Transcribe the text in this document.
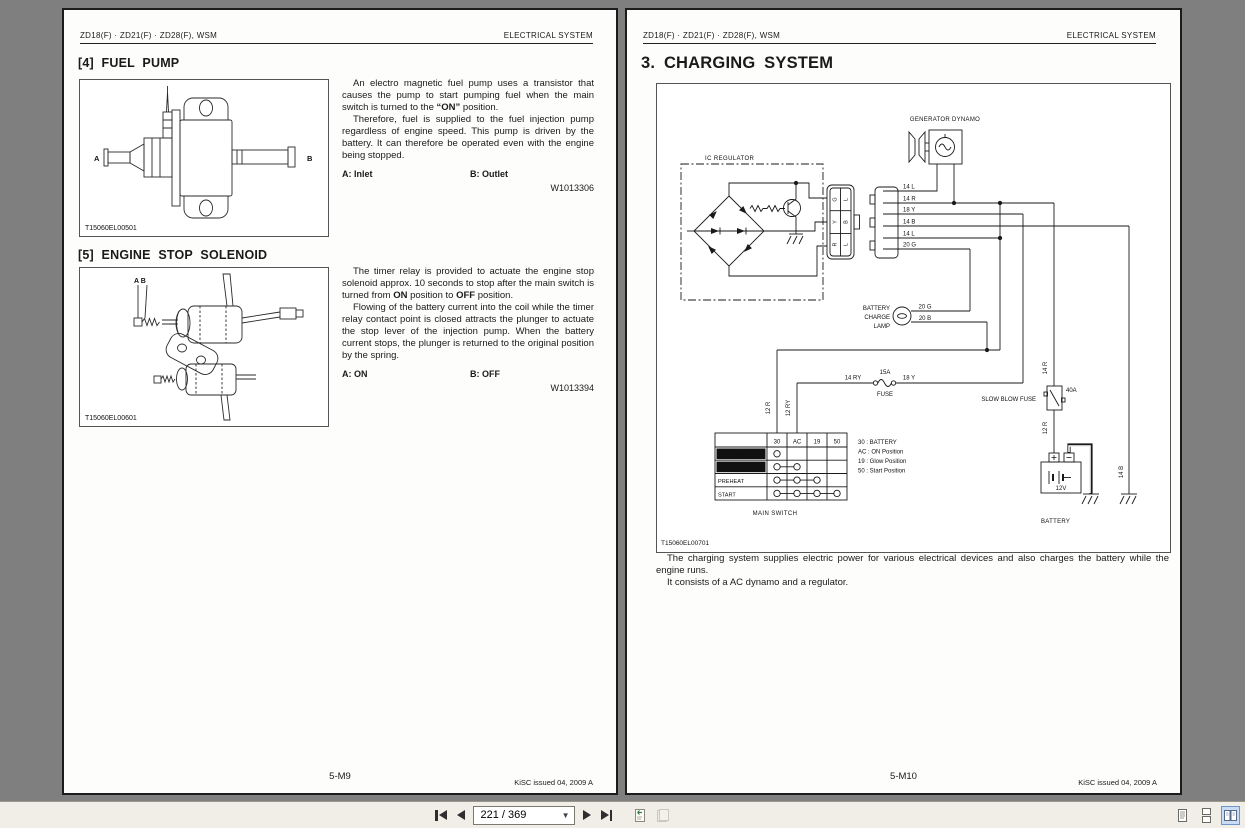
ZD18(F) · ZD21(F) · ZD28(F), WSM	ELECTRICAL SYSTEM
[4] FUEL PUMP
A	B
T15060EL00501

An electro magnetic fuel pump uses a transistor that causes the pump to start pumping fuel when the main switch is turned to the “ON” position.

Therefore, fuel is supplied to the fuel injection pump regardless of engine speed. This pump is driven by the battery. It can therefore be operated even with the engine being stopped.

A: Inlet	B: Outlet
W1013306
[5] ENGINE STOP SOLENOID
A B
T15060EL00601

The timer relay is provided to actuate the engine stop solenoid approx. 10 seconds to stop after the main switch is turned from ON position to OFF position.

Flowing of the battery current into the coil while the timer relay contact point is closed attracts the plunger to actuate the stop lever of the injection pump. When the battery current stops, the plunger is returned to the original position by the spring.

A: ON	B: OFF
W1013394
5-M9
KiSC issued 04, 2009 A
ZD18(F) · ZD21(F) · ZD28(F), WSM	ELECTRICAL SYSTEM
3. CHARGING SYSTEM
GENERATOR DYNAMO
IC REGULATOR
G
Y
R
L
B
L
14 L
14 R
18 Y
14 B
14 L
20 G
BATTERY
CHARGE
LAMP
20 G
20 B
14 RY
15A
18 Y
FUSE
SLOW BLOW FUSE
40A
14 R
12 R
12 R 12 RY
14 B
12V
BATTERY
30 AC 19 50
OFF (STOP)
ON (RUN)
PREHEAT
START
MAIN SWITCH
30 : BATTERY
AC : ON Position
19 : Glow Position
50 : Start Position
T15060EL00701

The charging system supplies electric power for various electrical devices and also charges the battery while the engine runs.

It consists of a AC dynamo and a regulator.

5-M10
KiSC issued 04, 2009 A
221 / 369
▼
